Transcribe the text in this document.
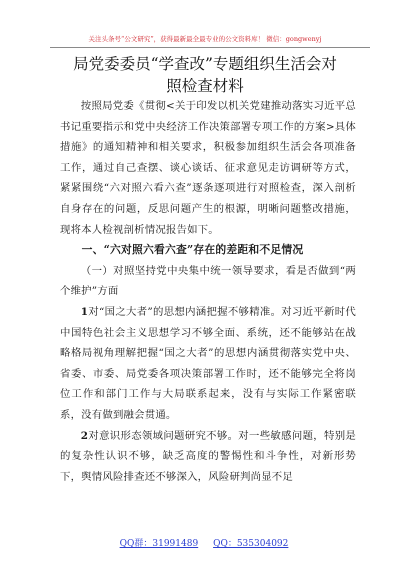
关注头条号“公文研究”，获得最新最全最专业的公文资料库！ 微信：gongwenyj
局党委委员“学查改”专题组织生活会对
照检查材料

按照局党委《贯彻<关于印发以机关党建推动落实习近平总书记重要指示和党中央经济工作决策部署专项工作的方案>具体措施》的通知精神和相关要求，积极参加组织生活会各项准备工作，通过自己查摆、谈心谈话、征求意见走访调研等方式，紧紧围绕“六对照六看六查”逐条逐项进行对照检查，深入剖析自身存在的问题，反思问题产生的根源，明晰问题整改措施，现将本人检视剖析情况报告如下。

一、“六对照六看六查”存在的差距和不足情况

（一）对照坚持党中央集中统一领导要求，看是否做到“两个维护”方面

1对“国之大者”的思想内涵把握不够精准。对习近平新时代中国特色社会主义思想学习不够全面、系统，还不能够站在战略格局视角理解把握“国之大者”的思想内涵贯彻落实党中央、省委、市委、局党委各项决策部署工作时，还不能够完全将岗位工作和部门工作与大局联系起来，没有与实际工作紧密联系，没有做到融会贯通。

2对意识形态领域问题研究不够。对一些敏感问题，特别是的复杂性认识不够，缺乏高度的警惕性和斗争性，对新形势下，舆情风险排查还不够深入，风险研判尚显不足

QQ群：31991489 QQ：535304092
